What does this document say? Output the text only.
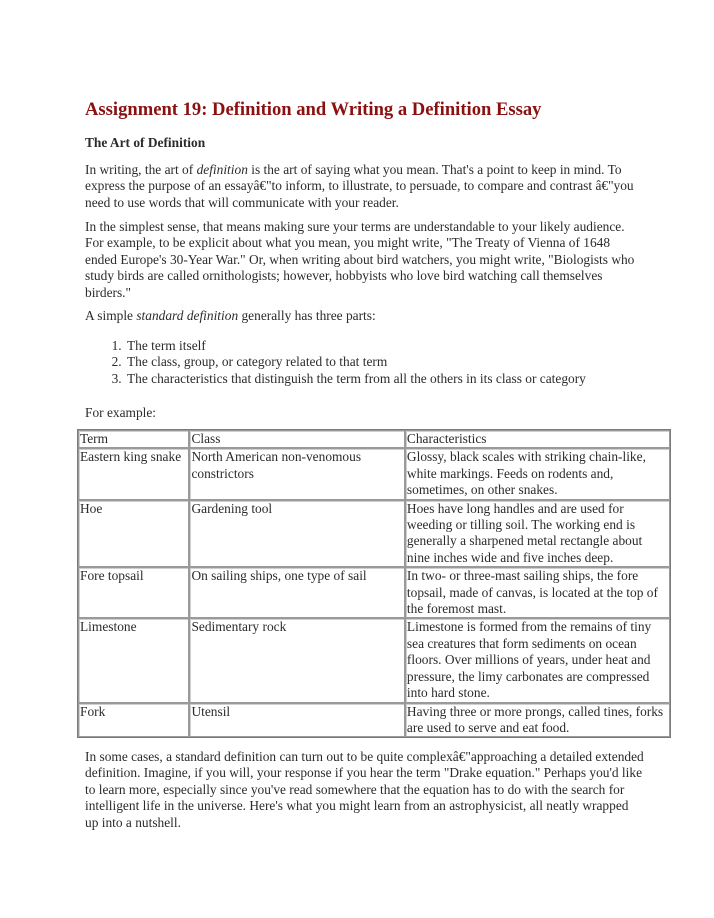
Assignment 19: Definition and Writing a Definition Essay
The Art of Definition

In writing, the art of definition is the art of saying what you mean. That's a point to keep in mind. To express the purpose of an essayâ€"to inform, to illustrate, to persuade, to compare and contrast â€"you need to use words that will communicate with your reader.

In the simplest sense, that means making sure your terms are understandable to your likely audience. For example, to be explicit about what you mean, you might write, "The Treaty of Vienna of 1648 ended Europe's 30-Year War." Or, when writing about bird watchers, you might write, "Biologists who study birds are called ornithologists; however, hobbyists who love bird watching call themselves birders."

A simple standard definition generally has three parts:

1. The term itself
2. The class, group, or category related to that term
3. The characteristics that distinguish the term from all the others in its class or category

For example:

Term	Class	Characteristics
Eastern king snake	North American non-venomous constrictors	Glossy, black scales with striking chain-like, white markings. Feeds on rodents and, sometimes, on other snakes.
Hoe	Gardening tool	Hoes have long handles and are used for weeding or tilling soil. The working end is generally a sharpened metal rectangle about nine inches wide and five inches deep.
Fore topsail	On sailing ships, one type of sail	In two- or three-mast sailing ships, the fore topsail, made of canvas, is located at the top of the foremost mast.
Limestone	Sedimentary rock	Limestone is formed from the remains of tiny sea creatures that form sediments on ocean floors. Over millions of years, under heat and pressure, the limy carbonates are compressed into hard stone.
Fork	Utensil	Having three or more prongs, called tines, forks are used to serve and eat food.

In some cases, a standard definition can turn out to be quite complexâ€"approaching a detailed extended definition. Imagine, if you will, your response if you hear the term "Drake equation." Perhaps you'd like to learn more, especially since you've read somewhere that the equation has to do with the search for intelligent life in the universe. Here's what you might learn from an astrophysicist, all neatly wrapped up into a nutshell.
